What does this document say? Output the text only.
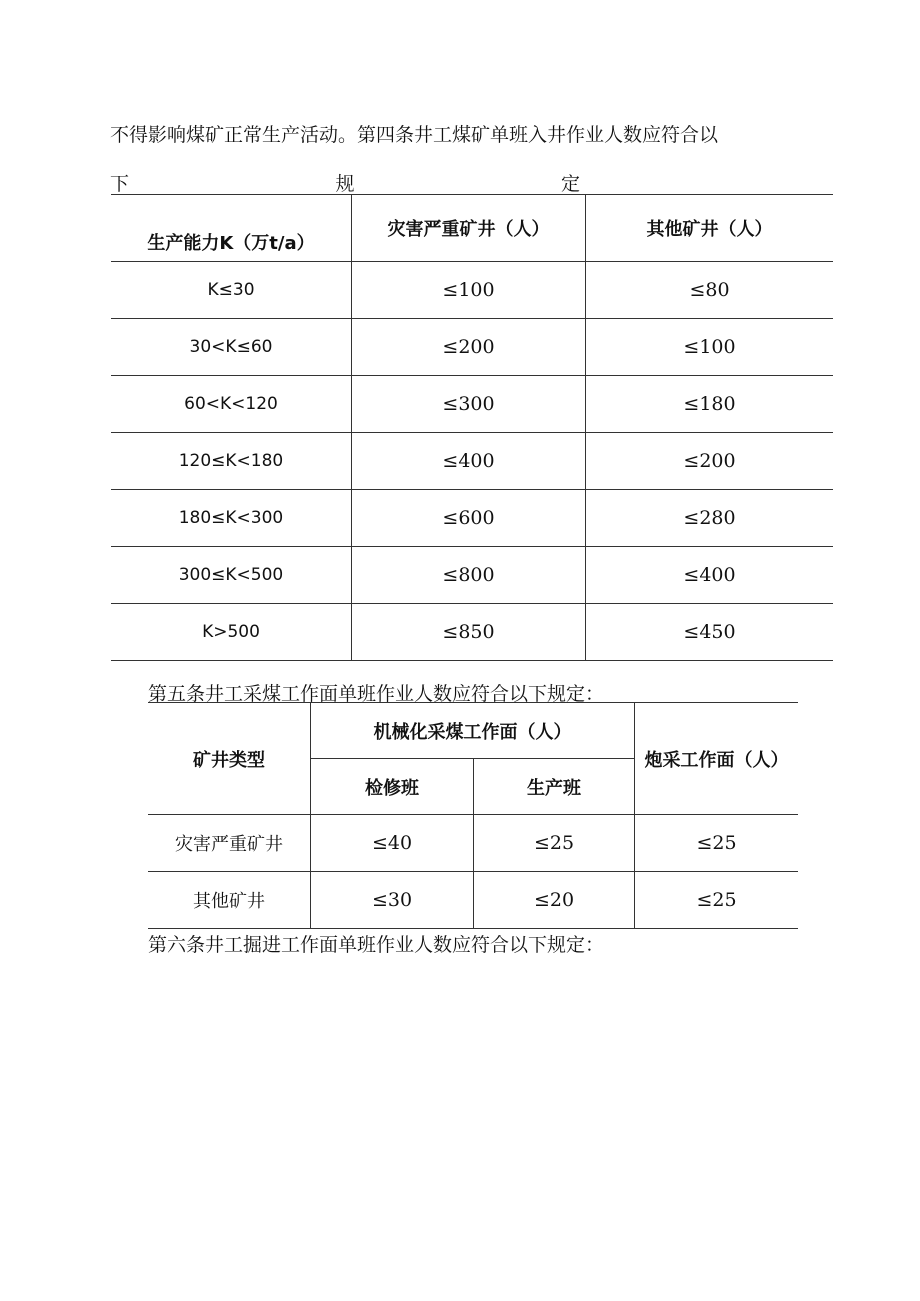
不得影响煤矿正常生产活动。第四条井工煤矿单班入井作业人数应符合以
下	规	定
生产能力K（万t/a）	灾害严重矿井（人）	其他矿井（人）
K≤30	≤100	≤80
30<K≤60	≤200	≤100
60<K<120	≤300	≤180
120≤K<180	≤400	≤200
180≤K<300	≤600	≤280
300≤K<500	≤800	≤400
K>500	≤850	≤450
第五条井工采煤工作面单班作业人数应符合以下规定：
矿井类型	机械化采煤工作面（人）		炮采工作面（人）
	检修班	生产班	
灾害严重矿井	≤40	≤25	≤25
其他矿井	≤30	≤20	≤25
第六条井工掘进工作面单班作业人数应符合以下规定：
